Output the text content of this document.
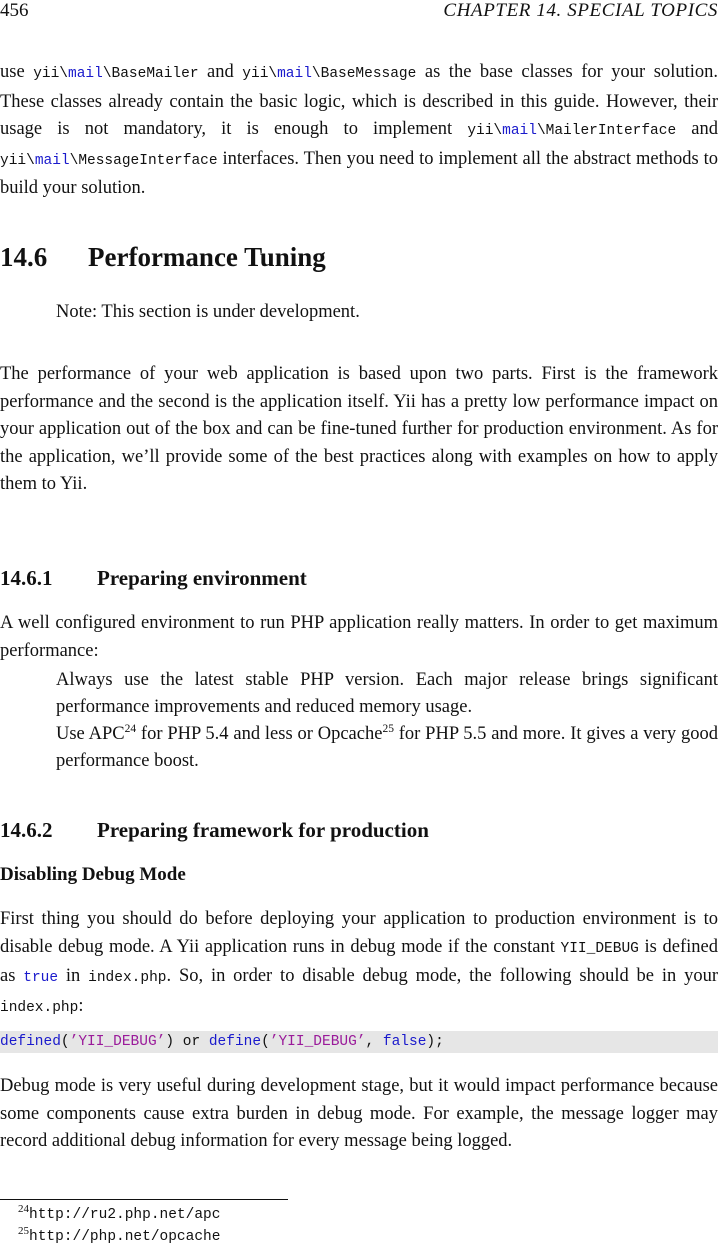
456	CHAPTER 14. SPECIAL TOPICS

use yii\mail\BaseMailer and yii\mail\BaseMessage as the base classes for your solution. These classes already contain the basic logic, which is described in this guide. However, their usage is not mandatory, it is enough to implement yii\mail\MailerInterface and yii\mail\MessageInterface interfaces. Then you need to implement all the abstract methods to build your solution.

14.6 Performance Tuning
Note: This section is under development.

The performance of your web application is based upon two parts. First is the framework performance and the second is the application itself. Yii has a pretty low performance impact on your application out of the box and can be fine-tuned further for production environment. As for the application, we’ll provide some of the best practices along with examples on how to apply them to Yii.

14.6.1 Preparing environment

A well configured environment to run PHP application really matters. In order to get maximum performance:

Always use the latest stable PHP version. Each major release brings significant performance improvements and reduced memory usage.

Use APC$^{24}$ for PHP 5.4 and less or Opcache$^{25}$ for PHP 5.5 and more. It gives a very good performance boost.

14.6.2 Preparing framework for production
Disabling Debug Mode

First thing you should do before deploying your application to production environment is to disable debug mode. A Yii application runs in debug mode if the constant YII_DEBUG is defined as true in index.php. So, in order to disable debug mode, the following should be in your index.php:

defined(’YII_DEBUG’) or define(’YII_DEBUG’, false);

Debug mode is very useful during development stage, but it would impact performance because some components cause extra burden in debug mode. For example, the message logger may record additional debug information for every message being logged.

$^{24}$http://ru2.php.net/apc
$^{25}$http://php.net/opcache
